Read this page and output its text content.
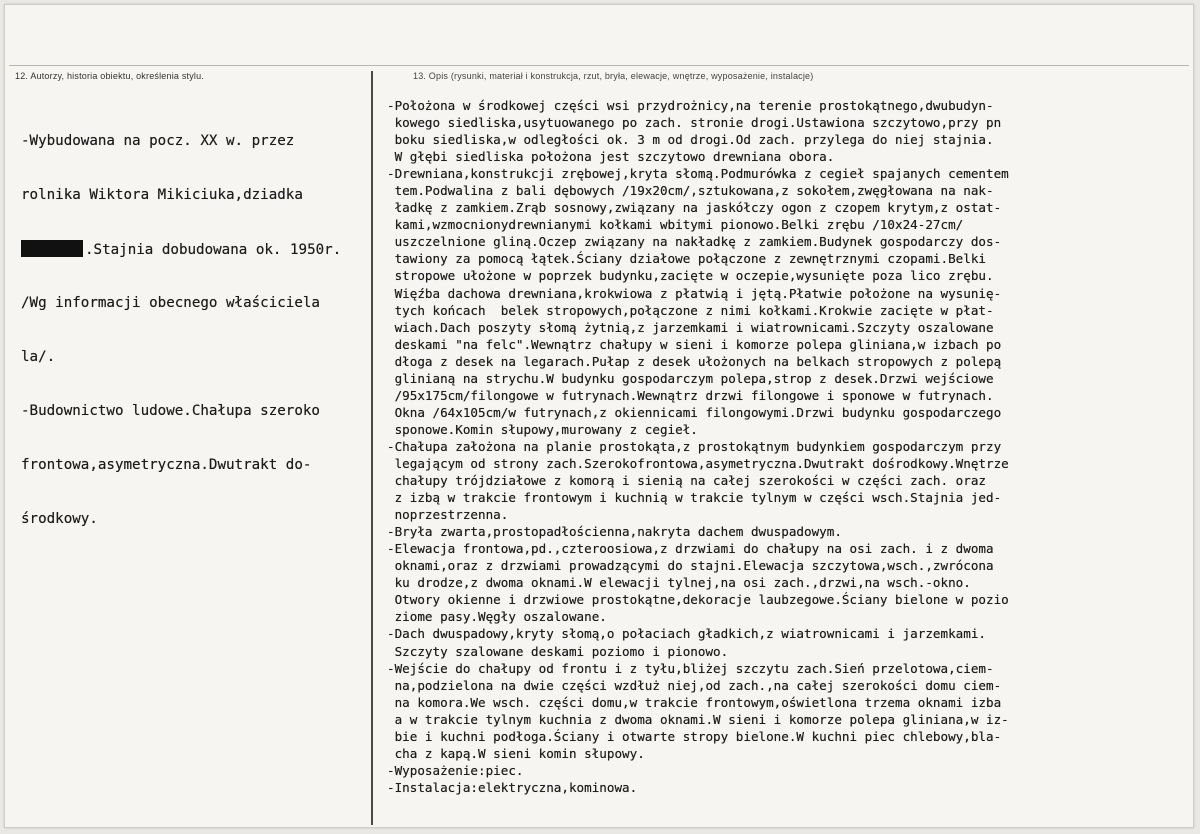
12. Autorzy, historia obiektu, określenia stylu.	13. Opis (rysunki, materiał i konstrukcja, rzut, bryła, elewacje, wnętrze, wyposażenie, instalacje)

-Wybudowana na pocz. XX w. przez

rolnika Wiktora Mikiciuka,dziadka

.Stajnia dobudowana ok. 1950r.

/Wg informacji obecnego właściciela

la/.

-Budownictwo ludowe.Chałupa szeroko

frontowa,asymetryczna.Dwutrakt do-

środkowy.

-Położona w środkowej części wsi przydrożnicy,na terenie prostokątnego,dwubudyn-
kowego siedliska,usytuowanego po zach. stronie drogi.Ustawiona szczytowo,przy pn
boku siedliska,w odległości ok. 3 m od drogi.Od zach. przylega do niej stajnia.
W głębi siedliska położona jest szczytowo drewniana obora.
-Drewniana,konstrukcji zrębowej,kryta słomą.Podmurówka z cegieł spajanych cementem
tem.Podwalina z bali dębowych /19x20cm/,sztukowana,z sokołem,zwęgłowana na nak-
ładkę z zamkiem.Zrąb sosnowy,związany na jaskółczy ogon z czopem krytym,z ostat-
kami,wzmocnionydrewnianymi kołkami wbitymi pionowo.Belki zrębu /10x24-27cm/
uszczelnione gliną.Oczep związany na nakładkę z zamkiem.Budynek gospodarczy dos-
tawiony za pomocą łątek.Ściany działowe połączone z zewnętrznymi czopami.Belki
stropowe ułożone w poprzek budynku,zacięte w oczepie,wysunięte poza lico zrębu.
Więźba dachowa drewniana,krokwiowa z płatwią i jętą.Płatwie położone na wysunię-
tych końcach  belek stropowych,połączone z nimi kołkami.Krokwie zacięte w płat-
wiach.Dach poszyty słomą żytnią,z jarzemkami i wiatrownicami.Szczyty oszalowane
deskami "na felc".Wewnątrz chałupy w sieni i komorze polepa gliniana,w izbach po
dłoga z desek na legarach.Pułap z desek ułożonych na belkach stropowych z polepą
glinianą na strychu.W budynku gospodarczym polepa,strop z desek.Drzwi wejściowe
/95x175cm/filongowe w futrynach.Wewnątrz drzwi filongowe i sponowe w futrynach.
Okna /64x105cm/w futrynach,z okiennicami filongowymi.Drzwi budynku gospodarczego
sponowe.Komin słupowy,murowany z cegieł.
-Chałupa założona na planie prostokąta,z prostokątnym budynkiem gospodarczym przy
legającym od strony zach.Szerokofrontowa,asymetryczna.Dwutrakt dośrodkowy.Wnętrze
chałupy trójdziałowe z komorą i sienią na całej szerokości w części zach. oraz
z izbą w trakcie frontowym i kuchnią w trakcie tylnym w części wsch.Stajnia jed-
noprzestrzenna.
-Bryła zwarta,prostopadłościenna,nakryta dachem dwuspadowym.
-Elewacja frontowa,pd.,czteroosiowa,z drzwiami do chałupy na osi zach. i z dwoma
oknami,oraz z drzwiami prowadzącymi do stajni.Elewacja szczytowa,wsch.,zwrócona
ku drodze,z dwoma oknami.W elewacji tylnej,na osi zach.,drzwi,na wsch.-okno.
Otwory okienne i drzwiowe prostokątne,dekoracje laubzegowe.Ściany bielone w pozio
ziome pasy.Węgły oszalowane.
-Dach dwuspadowy,kryty słomą,o połaciach gładkich,z wiatrownicami i jarzemkami.
Szczyty szalowane deskami poziomo i pionowo.
-Wejście do chałupy od frontu i z tyłu,bliżej szczytu zach.Sień przelotowa,ciem-
na,podzielona na dwie części wzdłuż niej,od zach.,na całej szerokości domu ciem-
na komora.We wsch. części domu,w trakcie frontowym,oświetlona trzema oknami izba
a w trakcie tylnym kuchnia z dwoma oknami.W sieni i komorze polepa gliniana,w iz-
bie i kuchni podłoga.Ściany i otwarte stropy bielone.W kuchni piec chlebowy,bla-
cha z kapą.W sieni komin słupowy.
-Wyposażenie:piec.
-Instalacja:elektryczna,kominowa.
